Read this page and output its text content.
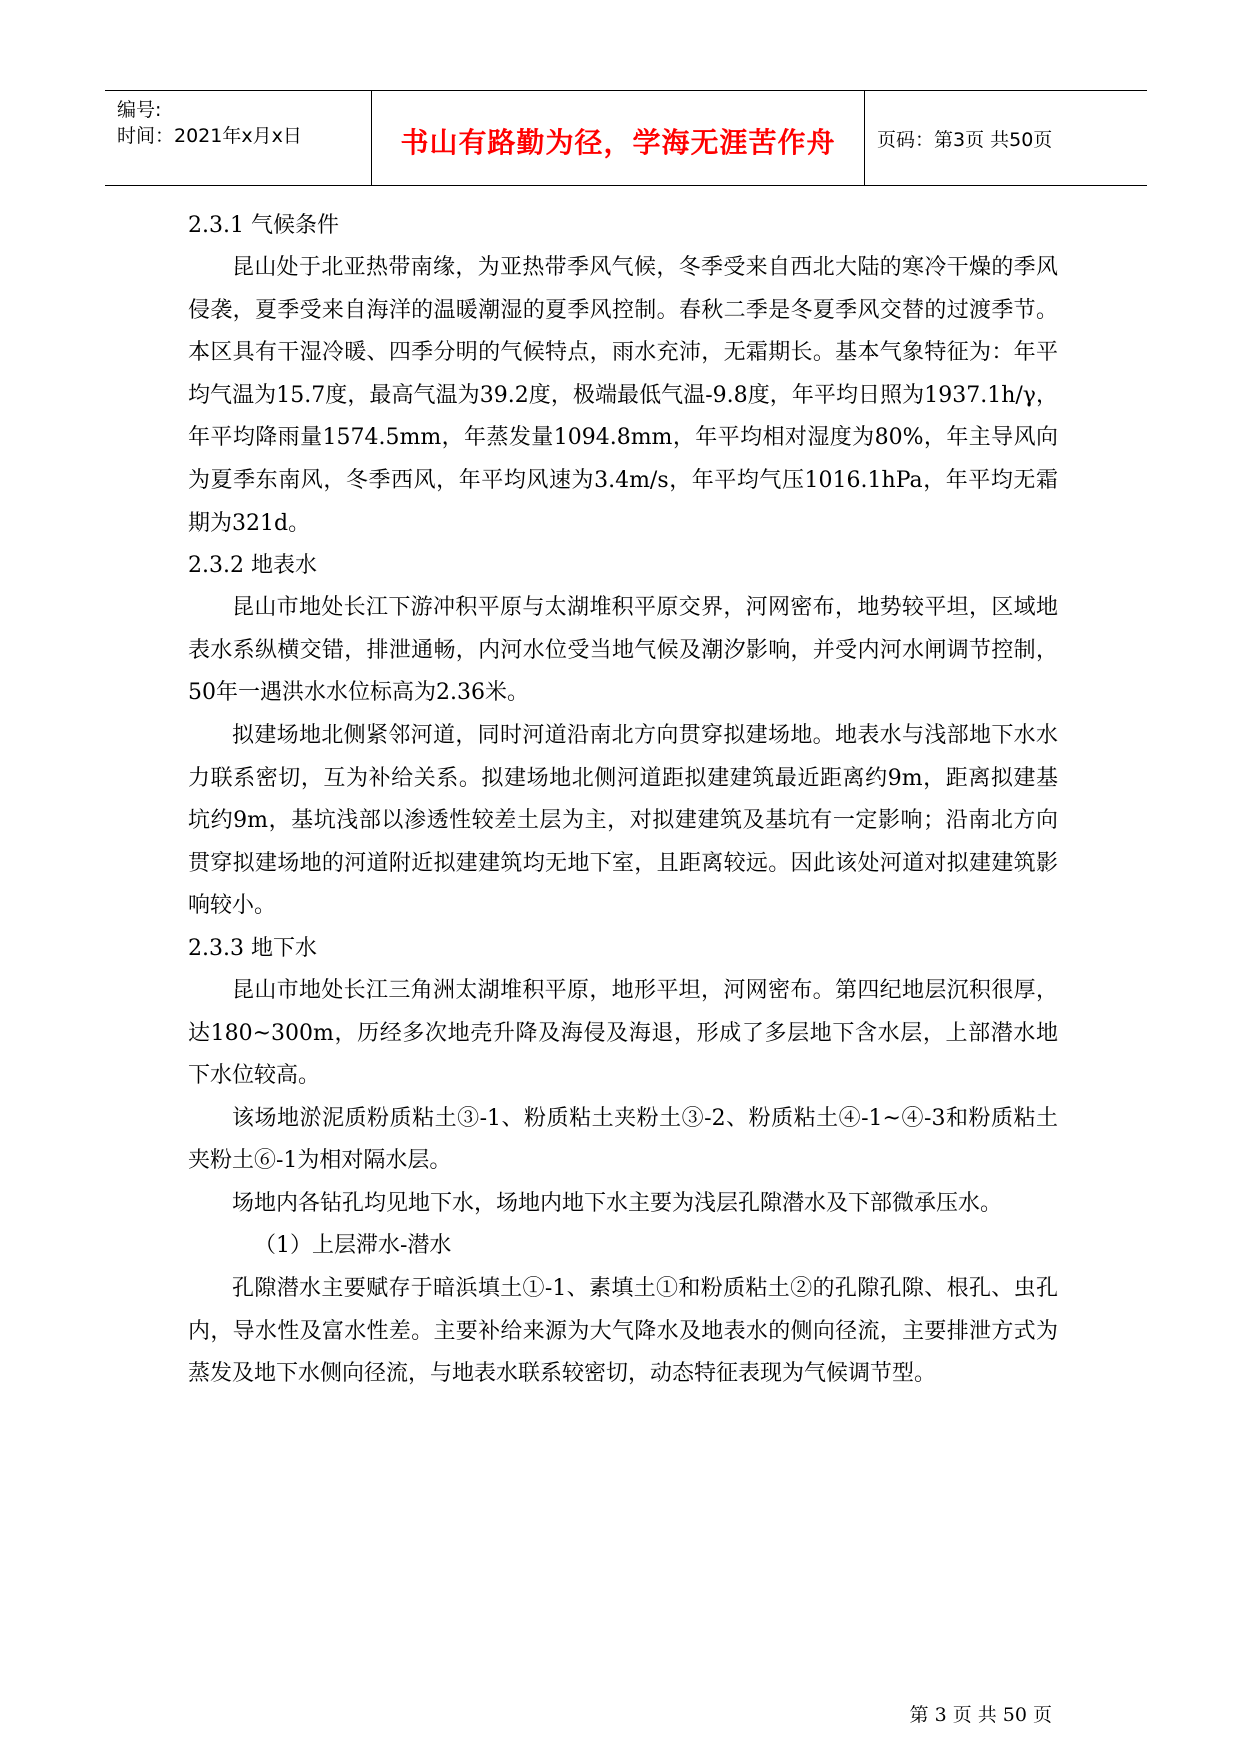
编号:
时间：2021年x月x日	书山有路勤为径，学海无涯苦作舟	页码：第3页 共50页

2.3.1 气候条件

昆山处于北亚热带南缘，为亚热带季风气候，冬季受来自西北大陆的寒冷干燥的季风侵袭，夏季受来自海洋的温暖潮湿的夏季风控制。春秋二季是冬夏季风交替的过渡季节。本区具有干湿冷暖、四季分明的气候特点，雨水充沛，无霜期长。基本气象特征为：年平均气温为15.7度，最高气温为39.2度，极端最低气温-9.8度，年平均日照为1937.1h/γ，年平均降雨量1574.5mm，年蒸发量1094.8mm，年平均相对湿度为80%，年主导风向为夏季东南风，冬季西风，年平均风速为3.4m/s，年平均气压1016.1hPa，年平均无霜期为321d。

2.3.2 地表水

昆山市地处长江下游冲积平原与太湖堆积平原交界，河网密布，地势较平坦，区域地表水系纵横交错，排泄通畅，内河水位受当地气候及潮汐影响，并受内河水闸调节控制，50年一遇洪水水位标高为2.36米。

拟建场地北侧紧邻河道，同时河道沿南北方向贯穿拟建场地。地表水与浅部地下水水力联系密切，互为补给关系。拟建场地北侧河道距拟建建筑最近距离约9m，距离拟建基坑约9m，基坑浅部以渗透性较差土层为主，对拟建建筑及基坑有一定影响；沿南北方向贯穿拟建场地的河道附近拟建建筑均无地下室，且距离较远。因此该处河道对拟建建筑影响较小。

2.3.3 地下水

昆山市地处长江三角洲太湖堆积平原，地形平坦，河网密布。第四纪地层沉积很厚，达180~300m，历经多次地壳升降及海侵及海退，形成了多层地下含水层，上部潜水地下水位较高。

该场地淤泥质粉质粘土③-1、粉质粘土夹粉土③-2、粉质粘土④-1~④-3和粉质粘土夹粉土⑥-1为相对隔水层。

场地内各钻孔均见地下水，场地内地下水主要为浅层孔隙潜水及下部微承压水。

（1）上层滞水-潜水

孔隙潜水主要赋存于暗浜填土①-1、素填土①和粉质粘土②的孔隙孔隙、根孔、虫孔内，导水性及富水性差。主要补给来源为大气降水及地表水的侧向径流，主要排泄方式为蒸发及地下水侧向径流，与地表水联系较密切，动态特征表现为气候调节型。

第 3 页 共 50 页
